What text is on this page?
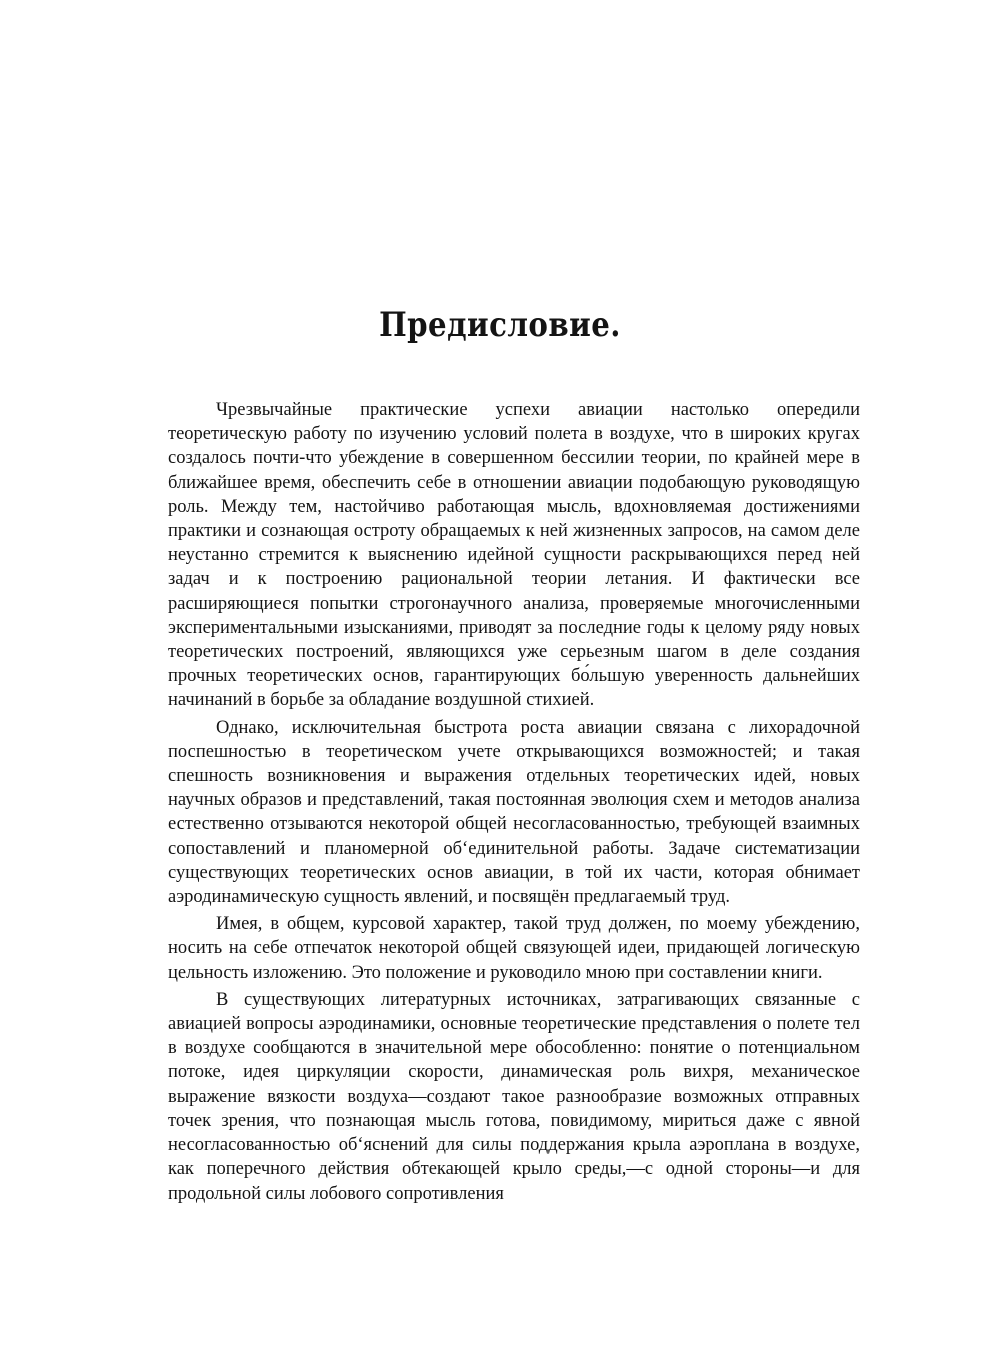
Предисловие.

Чрезвычайные практические успехи авиации настолько опередили теоретическую работу по изучению условий полета в воздухе, что в широких кругах создалось почти-что убеждение в совершенном бессилии теории, по крайней мере в ближайшее время, обеспечить себе в отношении авиации подобающую руководящую роль. Между тем, настойчиво работающая мысль, вдохновляемая достижениями практики и сознающая остроту обращаемых к ней жизненных запросов, на самом деле неустанно стремится к выяснению идейной сущности раскрывающихся перед ней задач и к построению рациональной теории летания. И фактически все расширяющиеся попытки строгонаучного анализа, проверяемые многочисленными экспериментальными изысканиями, приводят за последние годы к целому ряду новых теоретических построений, являющихся уже серьезным шагом в деле создания прочных теоретических основ, гарантирующих бо́льшую уверенность дальнейших начинаний в борьбе за обладание воздушной стихией.

Однако, исключительная быстрота роста авиации связана с лихорадочной поспешностью в теоретическом учете открывающихся возможностей; и такая спешность возникновения и выражения отдельных теоретических идей, новых научных образов и представлений, такая постоянная эволюция схем и методов анализа естественно отзываются некоторой общей несогласованностью, требующей взаимных сопоставлений и планомерной об‘единительной работы. Задаче систематизации существующих теоретических основ авиации, в той их части, которая обнимает аэродинамическую сущность явлений, и посвящён предлагаемый труд.

Имея, в общем, курсовой характер, такой труд должен, по моему убеждению, носить на себе отпечаток некоторой общей связующей идеи, придающей логическую цельность изложению. Это положение и руководило мною при составлении книги.

В существующих литературных источниках, затрагивающих связанные с авиацией вопросы аэродинамики, основные теоретические представления о полете тел в воздухе сообщаются в значительной мере обособленно: понятие о потенциальном потоке, идея циркуляции скорости, динамическая роль вихря, механическое выражение вязкости воздуха—создают такое разнообразие возможных отправных точек зрения, что познающая мысль готова, повидимому, мириться даже с явной несогласованностью об‘яснений для силы поддержания крыла аэроплана в воздухе, как поперечного действия обтекающей крыло среды,—с одной стороны—и для продольной силы лобового сопротивления
